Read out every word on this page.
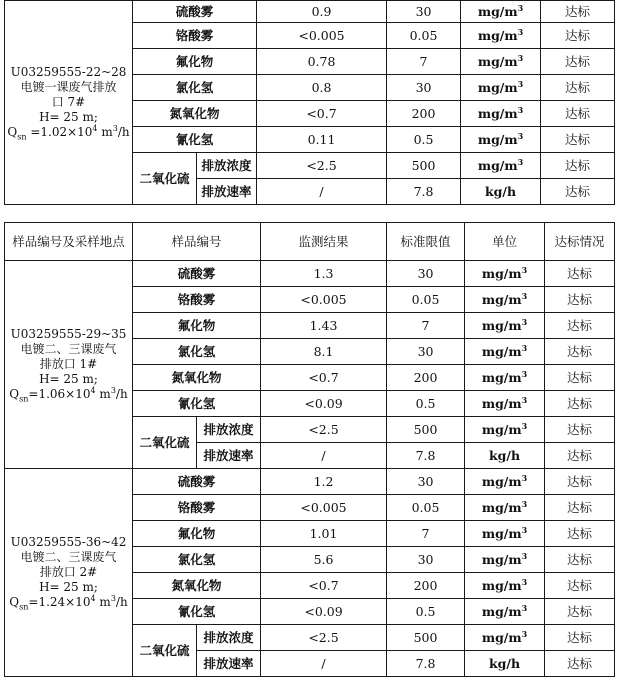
U03259555-22~28
电镀一课废气排放
口 7#
H= 25 m;
$Q_{sn} =1.02\times 10^4$ $m^3/h$	硫酸雾		0.9	30	$mg/m^3$	达标
	铬酸雾		<0.005	0.05	$mg/m^3$	达标
	氟化物		0.78	7	$mg/m^3$	达标
	氯化氢		0.8	30	$mg/m^3$	达标
	氮氧化物		<0.7	200	$mg/m^3$	达标
	氰化氢		0.11	0.5	$mg/m^3$	达标
	二氧化硫	排放浓度	<2.5	500	$mg/m^3$	达标
		排放速率	/	7.8	kg/h	达标
样品编号及采样地点	样品编号		监测结果	标准限值	单位	达标情况

U03259555-29~35
电镀二、三课废气
排放口 1#
H= 25 m;
$Q_{sn}=1.06\times 10^4$ $m^3/h$	硫酸雾		1.3	30	$mg/m^3$	达标
	铬酸雾		<0.005	0.05	$mg/m^3$	达标
	氟化物		1.43	7	$mg/m^3$	达标
	氯化氢		8.1	30	$mg/m^3$	达标
	氮氧化物		<0.7	200	$mg/m^3$	达标
	氰化氢		<0.09	0.5	$mg/m^3$	达标
	二氧化硫	排放浓度	<2.5	500	$mg/m^3$	达标
		排放速率	/	7.8	kg/h	达标

U03259555-36~42
电镀二、三课废气
排放口 2#
H= 25 m;
$Q_{sn}=1.24\times 10^4$ $m^3/h$	硫酸雾		1.2	30	$mg/m^3$	达标
	铬酸雾		<0.005	0.05	$mg/m^3$	达标
	氟化物		1.01	7	$mg/m^3$	达标
	氯化氢		5.6	30	$mg/m^3$	达标
	氮氧化物		<0.7	200	$mg/m^3$	达标
	氰化氢		<0.09	0.5	$mg/m^3$	达标
	二氧化硫	排放浓度	<2.5	500	$mg/m^3$	达标
		排放速率	/	7.8	kg/h	达标
